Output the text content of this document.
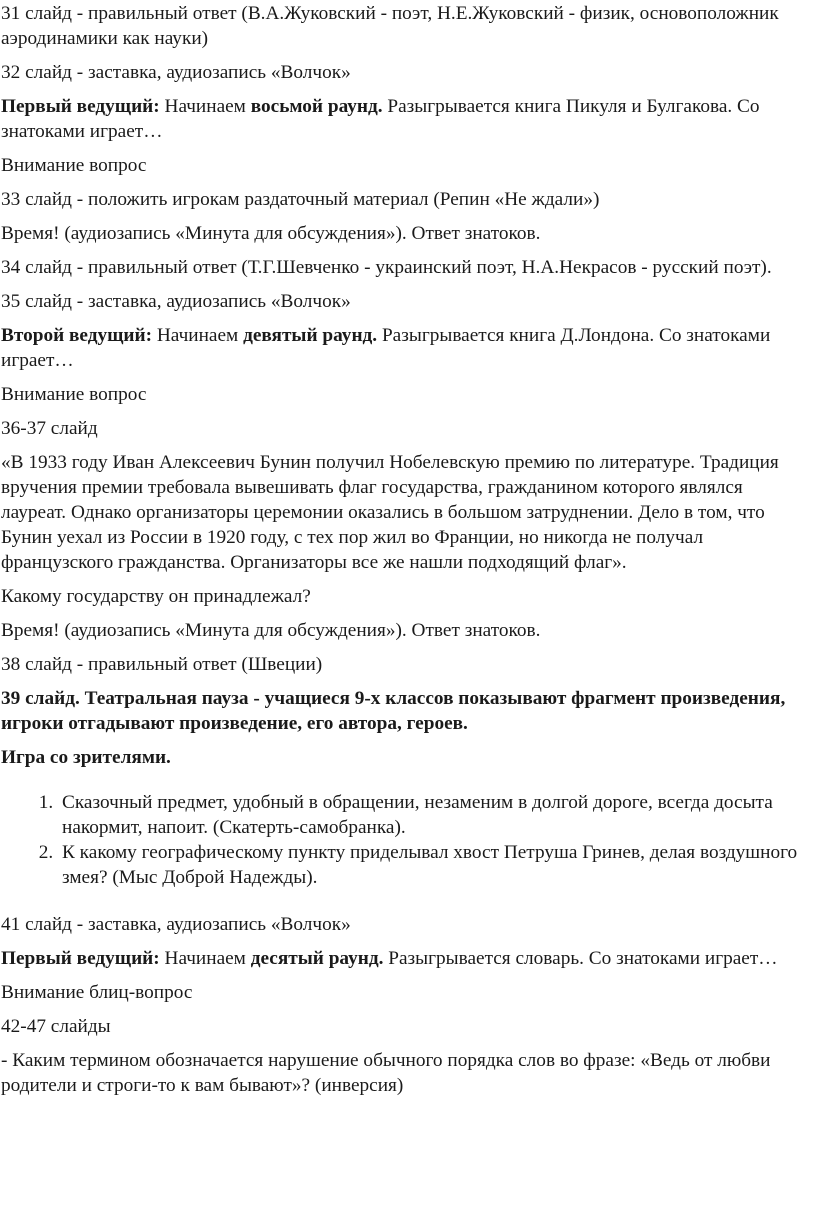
31 слайд - правильный ответ (В.А.Жуковский - поэт, Н.Е.Жуковский - физик, основоположник аэродинамики как науки)

32 слайд - заставка, аудиозапись «Волчок»

Первый ведущий: Начинаем восьмой раунд. Разыгрывается книга Пикуля и Булгакова. Со знатоками играет…

Внимание вопрос

33 слайд - положить игрокам раздаточный материал (Репин «Не ждали»)

Время! (аудиозапись «Минута для обсуждения»). Ответ знатоков.

34 слайд - правильный ответ (Т.Г.Шевченко - украинский поэт, Н.А.Некрасов - русский поэт).

35 слайд - заставка, аудиозапись «Волчок»

Второй ведущий: Начинаем девятый раунд. Разыгрывается книга Д.Лондона. Со знатоками играет…

Внимание вопрос

36-37 слайд

«В 1933 году Иван Алексеевич Бунин получил Нобелевскую премию по литературе. Традиция вручения премии требовала вывешивать флаг государства, гражданином которого являлся лауреат. Однако организаторы церемонии оказались в большом затруднении. Дело в том, что Бунин уехал из России в 1920 году, с тех пор жил во Франции, но никогда не получал французского гражданства. Организаторы все же нашли подходящий флаг».

Какому государству он принадлежал?

Время! (аудиозапись «Минута для обсуждения»). Ответ знатоков.

38 слайд - правильный ответ (Швеции)

39 слайд. Театральная пауза - учащиеся 9-х классов показывают фрагмент произведения, игроки отгадывают произведение, его автора, героев.

Игра со зрителями.

1. Сказочный предмет, удобный в обращении, незаменим в долгой дороге, всегда досыта накормит, напоит. (Скатерть-самобранка).
2. К какому географическому пункту приделывал хвост Петруша Гринев, делая воздушного змея? (Мыс Доброй Надежды).

41 слайд - заставка, аудиозапись «Волчок»

Первый ведущий: Начинаем десятый раунд. Разыгрывается словарь. Со знатоками играет…

Внимание блиц-вопрос

42-47 слайды

- Каким термином обозначается нарушение обычного порядка слов во фразе: «Ведь от любви родители и строги-то к вам бывают»? (инверсия)
